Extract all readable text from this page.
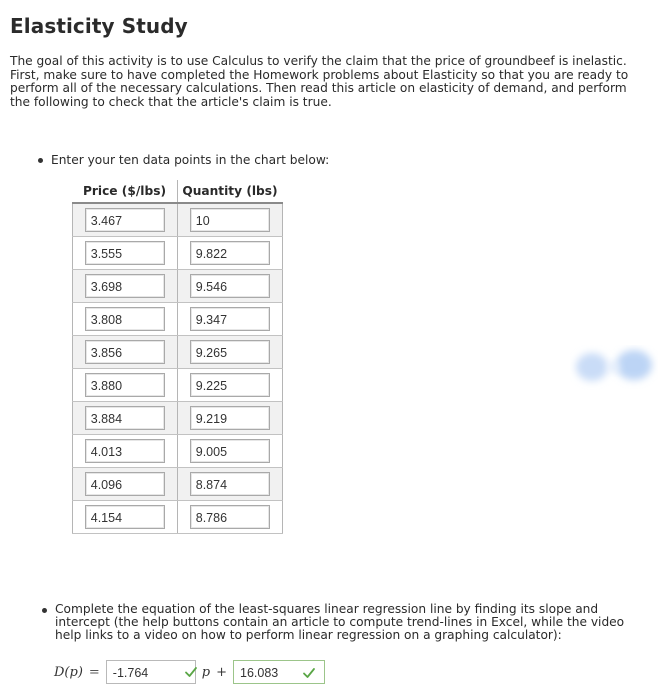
Elasticity Study
The goal of this activity is to use Calculus to verify the claim that the price of groundbeef is inelastic. First, make sure to have completed the Homework problems about Elasticity so that you are ready to perform all of the necessary calculations. Then read this article on elasticity of demand, and perform the following to check that the article's claim is true.
Enter your ten data points in the chart below:
Price ($/lbs)	Quantity (lbs)

3.467	10

3.555	9.822

3.698	9.546

3.808	9.347

3.856	9.265

3.880	9.225

3.884	9.219

4.013	9.005

4.096	8.874

4.154	8.786
Complete the equation of the least-squares linear regression line by finding its slope and intercept (the help buttons contain an article to compute trend-lines in Excel, while the video help links to a video on how to perform linear regression on a graphing calculator):
D(p) =	-1.764	p +	16.083
